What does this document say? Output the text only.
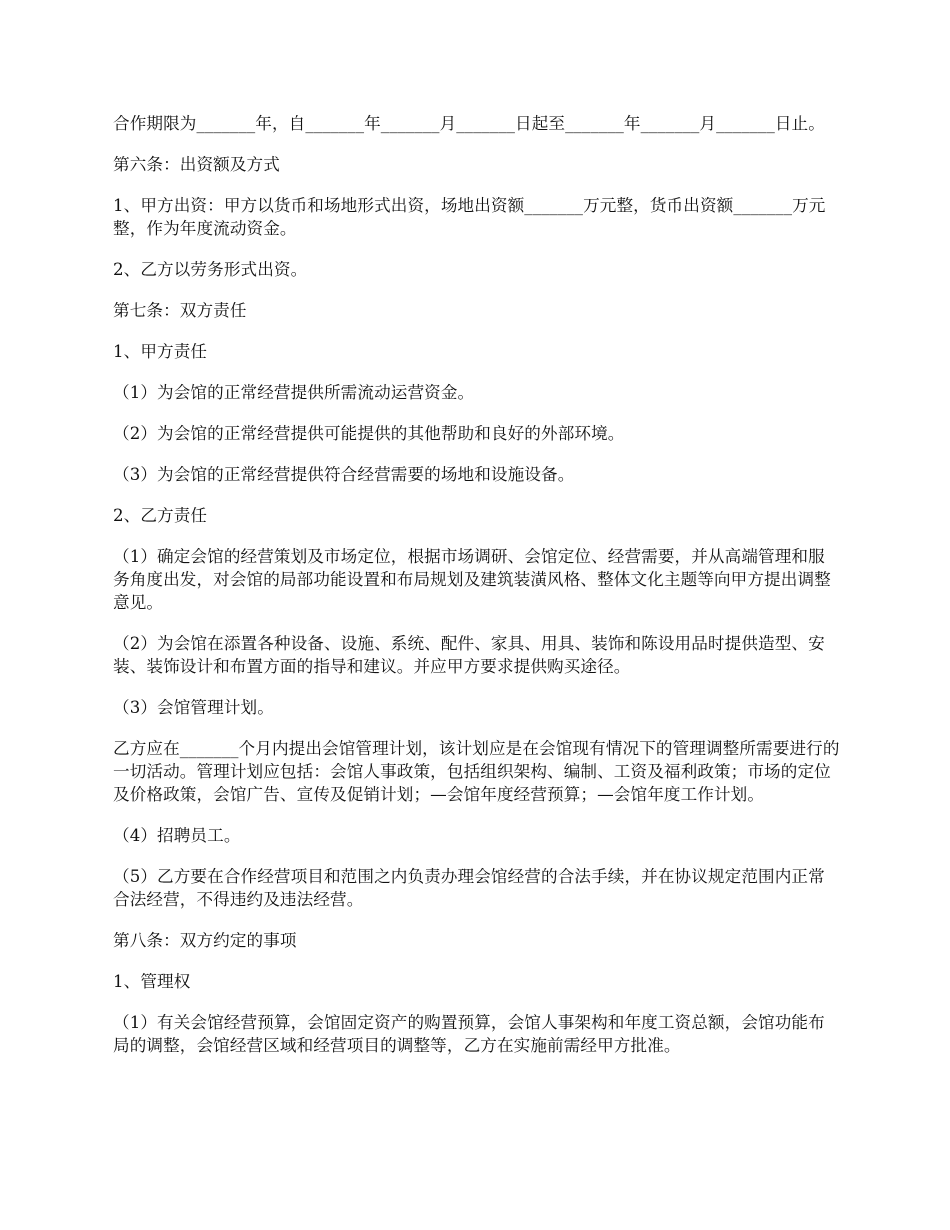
合作期限为_______年，自_______年_______月_______日起至_______年_______月_______日止。

第六条：出资额及方式

1、甲方出资：甲方以货币和场地形式出资，场地出资额_______万元整，货币出资额_______万元整，作为年度流动资金。

2、乙方以劳务形式出资。

第七条：双方责任

1、甲方责任

（1）为会馆的正常经营提供所需流动运营资金。

（2）为会馆的正常经营提供可能提供的其他帮助和良好的外部环境。

（3）为会馆的正常经营提供符合经营需要的场地和设施设备。

2、乙方责任

（1）确定会馆的经营策划及市场定位，根据市场调研、会馆定位、经营需要，并从高端管理和服务角度出发，对会馆的局部功能设置和布局规划及建筑装潢风格、整体文化主题等向甲方提出调整意见。

（2）为会馆在添置各种设备、设施、系统、配件、家具、用具、装饰和陈设用品时提供造型、安装、装饰设计和布置方面的指导和建议。并应甲方要求提供购买途径。

（3）会馆管理计划。

乙方应在_______个月内提出会馆管理计划，该计划应是在会馆现有情况下的管理调整所需要进行的一切活动。管理计划应包括：会馆人事政策，包括组织架构、编制、工资及福利政策；市场的定位及价格政策，会馆广告、宣传及促销计划；—会馆年度经营预算；—会馆年度工作计划。

（4）招聘员工。

（5）乙方要在合作经营项目和范围之内负责办理会馆经营的合法手续，并在协议规定范围内正常合法经营，不得违约及违法经营。

第八条：双方约定的事项

1、管理权

（1）有关会馆经营预算，会馆固定资产的购置预算，会馆人事架构和年度工资总额，会馆功能布局的调整，会馆经营区域和经营项目的调整等，乙方在实施前需经甲方批准。
